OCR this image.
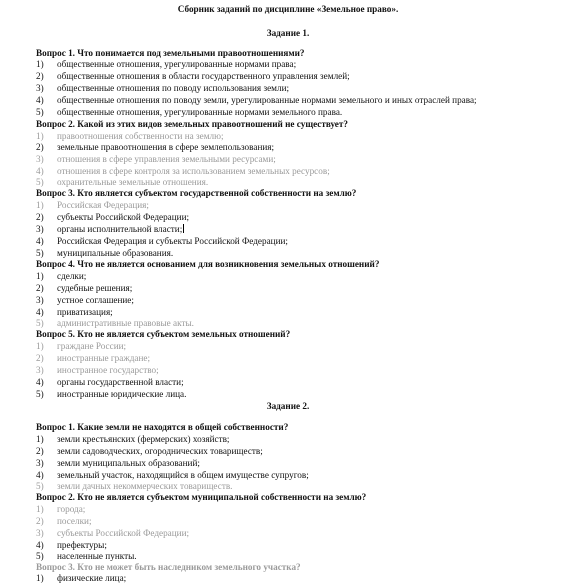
Сборник заданий по дисциплине «Земельное право».
Задание 1.
Вопрос 1. Что понимается под земельными правоотношениями?
1) общественные отношения, урегулированные нормами права;
2) общественные отношения в области государственного управления землей;
3) общественные отношения по поводу использования земли;
4) общественные отношения по поводу земли, урегулированные нормами земельного и иных отраслей права;
5) общественные отношения, урегулированные нормами земельного права.
Вопрос 2. Какой из этих видов земельных правоотношений не существует?
1) правоотношения собственности на землю;
2) земельные правоотношения в сфере землепользования;
3) отношения в сфере управления земельными ресурсами;
4) отношения в сфере контроля за использованием земельных ресурсов;
5) охранительные земельные отношения.
Вопрос 3. Кто является субъектом государственной собственности на землю?
1) Российская Федерация;
2) субъекты Российской Федерации;
3) органы исполнительной власти;
4) Российская Федерация и субъекты Российской Федерации;
5) муниципальные образования.
Вопрос 4. Что не является основанием для возникновения земельных отношений?
1) сделки;
2) судебные решения;
3) устное соглашение;
4) приватизация;
5) административные правовые акты.
Вопрос 5. Кто не является субъектом земельных отношений?
1) граждане России;
2) иностранные граждане;
3) иностранное государство;
4) органы государственной власти;
5) иностранные юридические лица.
Задание 2.
Вопрос 1. Какие земли не находятся в общей собственности?
1) земли крестьянских (фермерских) хозяйств;
2) земли садоводческих, огороднических товариществ;
3) земли муниципальных образований;
4) земельный участок, находящийся в общем имуществе супругов;
5) земли дачных некоммерческих товариществ.
Вопрос 2. Кто не является субъектом муниципальной собственности на землю?
1) города;
2) поселки;
3) субъекты Российской Федерации;
4) префектуры;
5) населенные пункты.
Вопрос 3. Кто не может быть наследником земельного участка?
1) физические лица;
